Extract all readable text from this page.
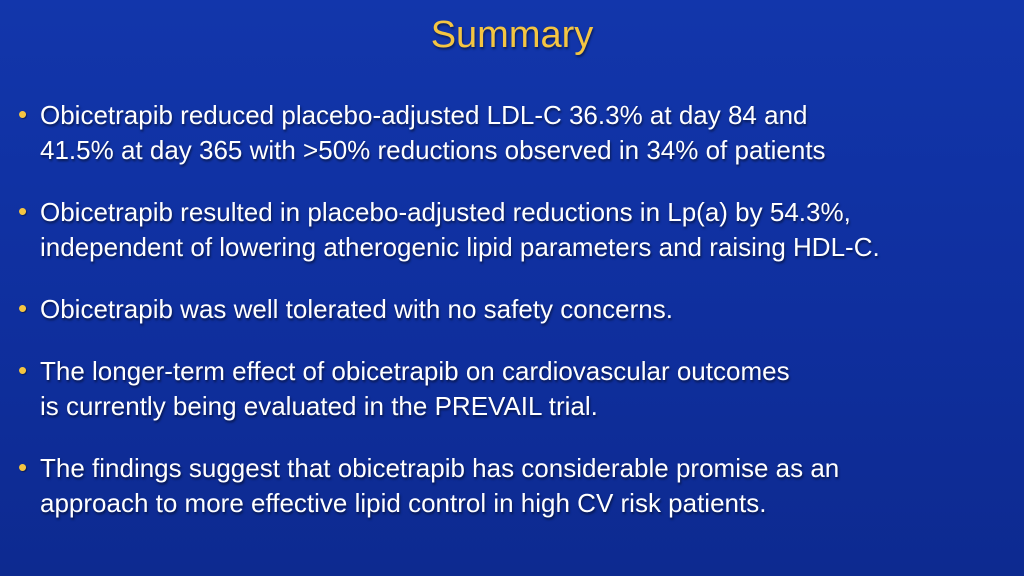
Summary
• Obicetrapib reduced placebo-adjusted LDL-C 36.3% at day 84 and
41.5% at day 365 with >50% reductions observed in 34% of patients
• Obicetrapib resulted in placebo-adjusted reductions in Lp(a) by 54.3%,
independent of lowering atherogenic lipid parameters and raising HDL-C.
• Obicetrapib was well tolerated with no safety concerns.
• The longer-term effect of obicetrapib on cardiovascular outcomes
is currently being evaluated in the PREVAIL trial.
• The findings suggest that obicetrapib has considerable promise as an
approach to more effective lipid control in high CV risk patients.
